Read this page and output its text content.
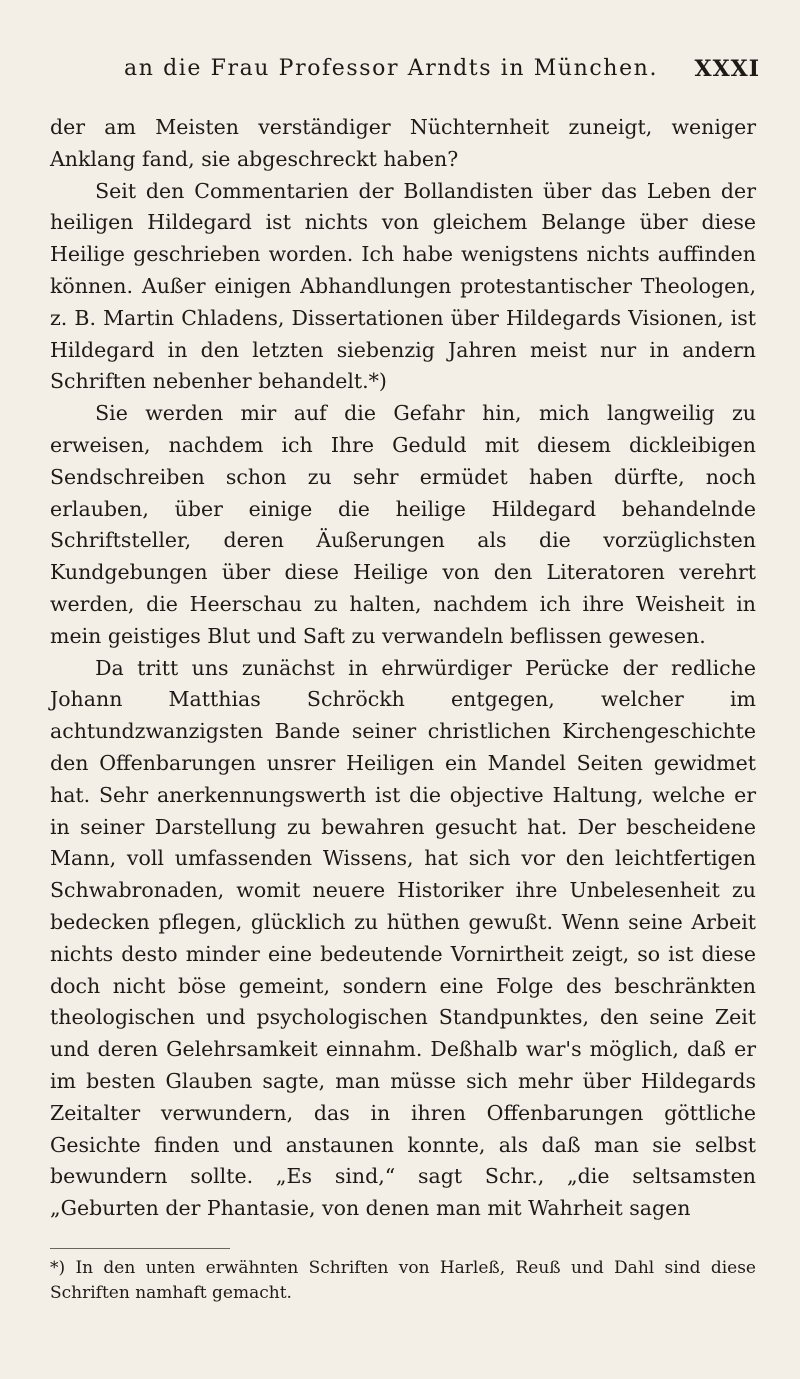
an die Frau Professor Arndts in München. XXXI

der am Meisten verständiger Nüchternheit zuneigt, weniger Anklang fand, sie abgeschreckt haben?

Seit den Commentarien der Bollandisten über das Leben der heiligen Hildegard ist nichts von gleichem Belange über diese Heilige geschrieben worden. Ich habe wenigstens nichts auffinden können. Außer einigen Abhandlungen protestantischer Theologen, z. B. Martin Chladens, Dissertationen über Hildegards Visionen, ist Hildegard in den letzten siebenzig Jahren meist nur in andern Schriften nebenher behandelt.*)

Sie werden mir auf die Gefahr hin, mich langweilig zu erweisen, nachdem ich Ihre Geduld mit diesem dickleibigen Sendschreiben schon zu sehr ermüdet haben dürfte, noch erlauben, über einige die heilige Hildegard behandelnde Schriftsteller, deren Äußerungen als die vorzüglichsten Kundgebungen über diese Heilige von den Literatoren verehrt werden, die Heerschau zu halten, nachdem ich ihre Weisheit in mein geistiges Blut und Saft zu verwandeln beflissen gewesen.

Da tritt uns zunächst in ehrwürdiger Perücke der redliche Johann Matthias Schröckh entgegen, welcher im achtundzwanzigsten Bande seiner christlichen Kirchengeschichte den Offenbarungen unsrer Heiligen ein Mandel Seiten gewidmet hat. Sehr anerkennungswerth ist die objective Haltung, welche er in seiner Darstellung zu bewahren gesucht hat. Der bescheidene Mann, voll umfassenden Wissens, hat sich vor den leichtfertigen Schwabronaden, womit neuere Historiker ihre Unbelesenheit zu bedecken pflegen, glücklich zu hüthen gewußt. Wenn seine Arbeit nichts desto minder eine bedeutende Vornirtheit zeigt, so ist diese doch nicht böse gemeint, sondern eine Folge des beschränkten theologischen und psychologischen Standpunktes, den seine Zeit und deren Gelehrsamkeit einnahm. Deßhalb war's möglich, daß er im besten Glauben sagte, man müsse sich mehr über Hildegards Zeitalter verwundern, das in ihren Offenbarungen göttliche Gesichte finden und anstaunen konnte, als daß man sie selbst bewundern sollte. „Es sind,“ sagt Schr., „die seltsamsten „Geburten der Phantasie, von denen man mit Wahrheit sagen

*) In den unten erwähnten Schriften von Harleß, Reuß und Dahl sind diese Schriften namhaft gemacht.
